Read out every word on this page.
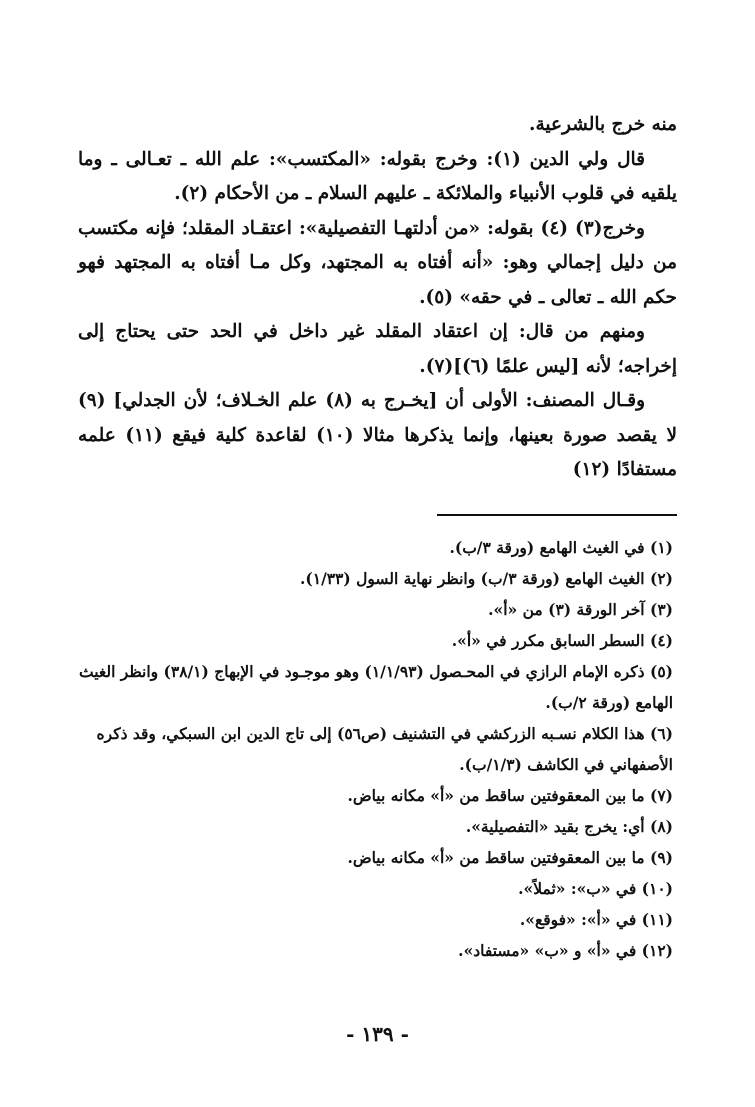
منه خرج بالشرعية.

قال ولي الدين (١): وخرج بقوله: «المكتسب»: علم الله ـ تعـالى ـ وما يلقيه في قلوب الأنبياء والملائكة ـ عليهم السلام ـ من الأحكام (٢).

وخرج(٣) (٤) بقوله: «من أدلتهـا التفصيلية»: اعتقـاد المقلد؛ فإنه مكتسب من دليل إجمالي وهو: «أنه أفتاه به المجتهد، وكل مـا أفتاه به المجتهد فهو حكم الله ـ تعالى ـ في حقه» (٥).

ومنهم من قال: إن اعتقاد المقلد غير داخل في الحد حتى يحتاج إلى إخراجه؛ لأنه [ليس علمًا (٦)](٧).

وقـال المصنف: الأولى أن [يخـرج به (٨) علم الخـلاف؛ لأن الجدلي] (٩) لا يقصد صورة بعينها، وإنما يذكرها مثالا (١٠) لقاعدة كلية فيقع (١١) علمه مستفادًا (١٢)

(١) في الغيث الهامع (ورقة ٣/ب).
(٢) الغيث الهامع (ورقة ٣/ب) وانظر نهاية السول (١/٣٣).
(٣) آخر الورقة (٣) من «أ».
(٤) السطر السابق مكرر في «أ».
(٥) ذكره الإمام الرازي في المحـصول (١/١/٩٣) وهو موجـود في الإبهاج (٣٨/١) وانظر الغيث الهامع (ورقة ٢/ب).
(٦) هذا الكلام نسـبه الزركشي في التشنيف (ص٥٦) إلى تاج الدين ابن السبكي، وقد ذكره الأصفهاني في الكاشف (١/٣/ب).
(٧) ما بين المعقوفتين ساقط من «أ» مكانه بياض.
(٨) أي: يخرج بقيد «التفصيلية».
(٩) ما بين المعقوفتين ساقط من «أ» مكانه بياض.
(١٠) في «ب»: «ثملاً».
(١١) في «أ»: «فوقع».
(١٢) في «أ» و «ب» «مستفاد».
- ١٣٩ -
